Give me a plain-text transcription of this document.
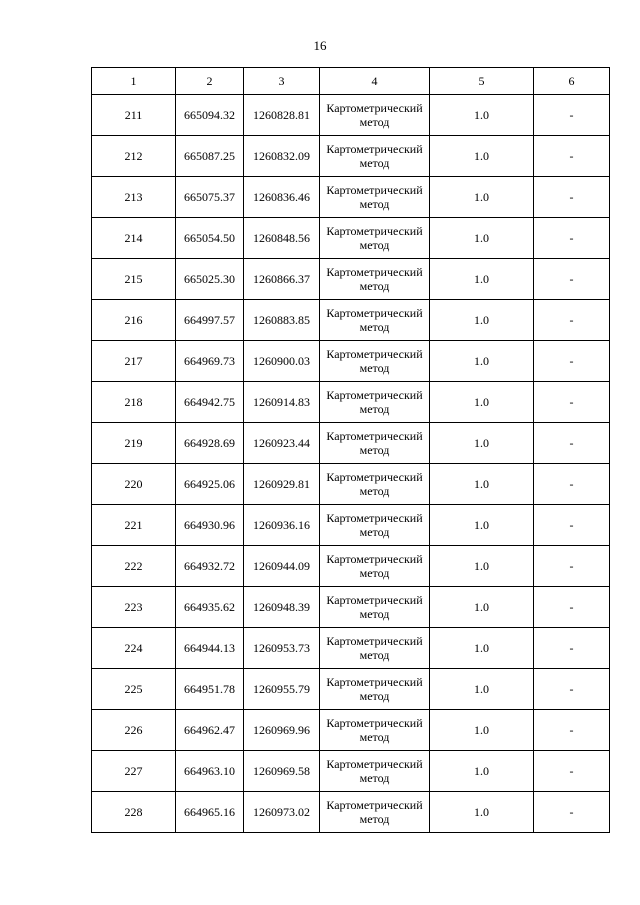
16
1	2	3	4	5	6
211	665094.32	1260828.81	Картометрический метод	1.0	-
212	665087.25	1260832.09	Картометрический метод	1.0	-
213	665075.37	1260836.46	Картометрический метод	1.0	-
214	665054.50	1260848.56	Картометрический метод	1.0	-
215	665025.30	1260866.37	Картометрический метод	1.0	-
216	664997.57	1260883.85	Картометрический метод	1.0	-
217	664969.73	1260900.03	Картометрический метод	1.0	-
218	664942.75	1260914.83	Картометрический метод	1.0	-
219	664928.69	1260923.44	Картометрический метод	1.0	-
220	664925.06	1260929.81	Картометрический метод	1.0	-
221	664930.96	1260936.16	Картометрический метод	1.0	-
222	664932.72	1260944.09	Картометрический метод	1.0	-
223	664935.62	1260948.39	Картометрический метод	1.0	-
224	664944.13	1260953.73	Картометрический метод	1.0	-
225	664951.78	1260955.79	Картометрический метод	1.0	-
226	664962.47	1260969.96	Картометрический метод	1.0	-
227	664963.10	1260969.58	Картометрический метод	1.0	-
228	664965.16	1260973.02	Картометрический метод	1.0	-
